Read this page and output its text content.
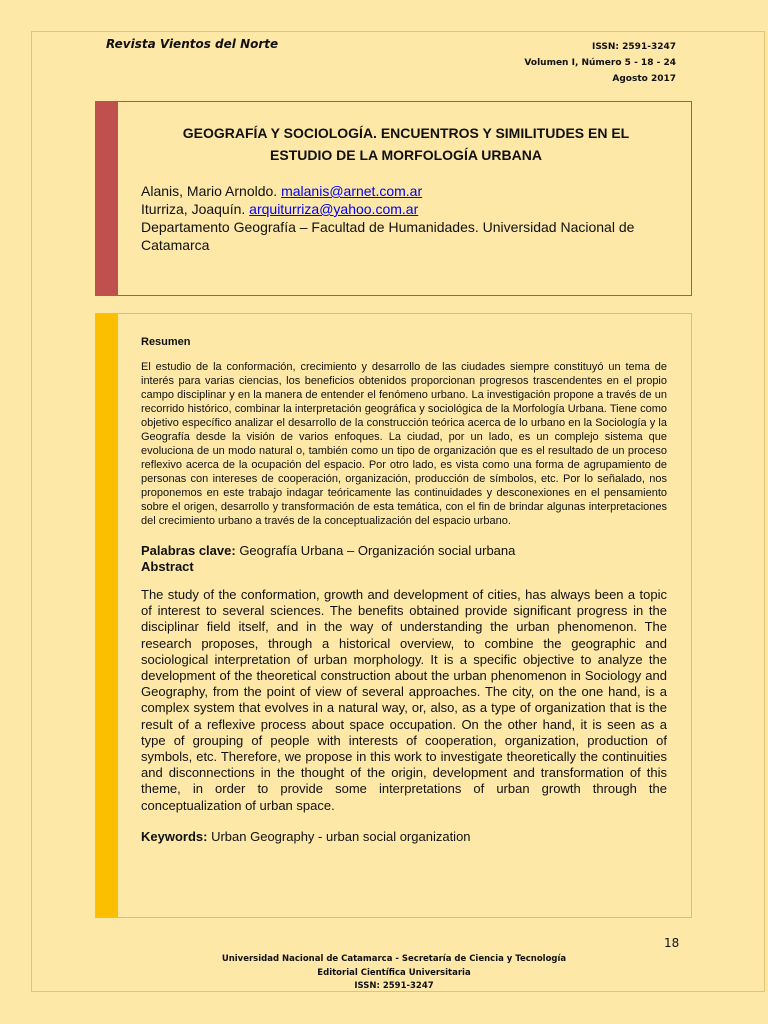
Revista Vientos del Norte	ISSN: 2591-3247
Volumen I, Número 5 - 18 - 24
Agosto 2017
GEOGRAFÍA Y SOCIOLOGÍA. ENCUENTROS Y SIMILITUDES EN EL
ESTUDIO DE LA MORFOLOGÍA URBANA
Alanis, Mario Arnoldo. malanis@arnet.com.ar
Iturriza, Joaquín. arquiturriza@yahoo.com.ar
Departamento Geografía – Facultad de Humanidades. Universidad Nacional de Catamarca

Resumen

El estudio de la conformación, crecimiento y desarrollo de las ciudades siempre constituyó un tema de interés para varias ciencias, los beneficios obtenidos proporcionan progresos trascendentes en el propio campo disciplinar y en la manera de entender el fenómeno urbano. La investigación propone a través de un recorrido histórico, combinar la interpretación geográfica y sociológica de la Morfología Urbana. Tiene como objetivo específico analizar el desarrollo de la construcción teórica acerca de lo urbano en la Sociología y la Geografía desde la visión de varios enfoques. La ciudad, por un lado, es un complejo sistema que evoluciona de un modo natural o, también como un tipo de organización que es el resultado de un proceso reflexivo acerca de la ocupación del espacio. Por otro lado, es vista como una forma de agrupamiento de personas con intereses de cooperación, organización, producción de símbolos, etc. Por lo señalado, nos proponemos en este trabajo indagar teóricamente las continuidades y desconexiones en el pensamiento sobre el origen, desarrollo y transformación de esta temática, con el fin de brindar algunas interpretaciones del crecimiento urbano a través de la conceptualización del espacio urbano.

Palabras clave: Geografía Urbana – Organización social urbana

Abstract

The study of the conformation, growth and development of cities, has always been a topic of interest to several sciences. The benefits obtained provide significant progress in the disciplinar field itself, and in the way of understanding the urban phenomenon. The research proposes, through a historical overview, to combine the geographic and sociological interpretation of urban morphology. It is a specific objective to analyze the development of the theoretical construction about the urban phenomenon in Sociology and Geography, from the point of view of several approaches. The city, on the one hand, is a complex system that evolves in a natural way, or, also, as a type of organization that is the result of a reflexive process about space occupation. On the other hand, it is seen as a type of grouping of people with interests of cooperation, organization, production of symbols, etc. Therefore, we propose in this work to investigate theoretically the continuities and disconnections in the thought of the origin, development and transformation of this theme, in order to provide some interpretations of urban growth through the conceptualization of urban space.

Keywords: Urban Geography - urban social organization

18
Universidad Nacional de Catamarca - Secretaría de Ciencia y Tecnología
Editorial Científica Universitaria
ISSN: 2591-3247
